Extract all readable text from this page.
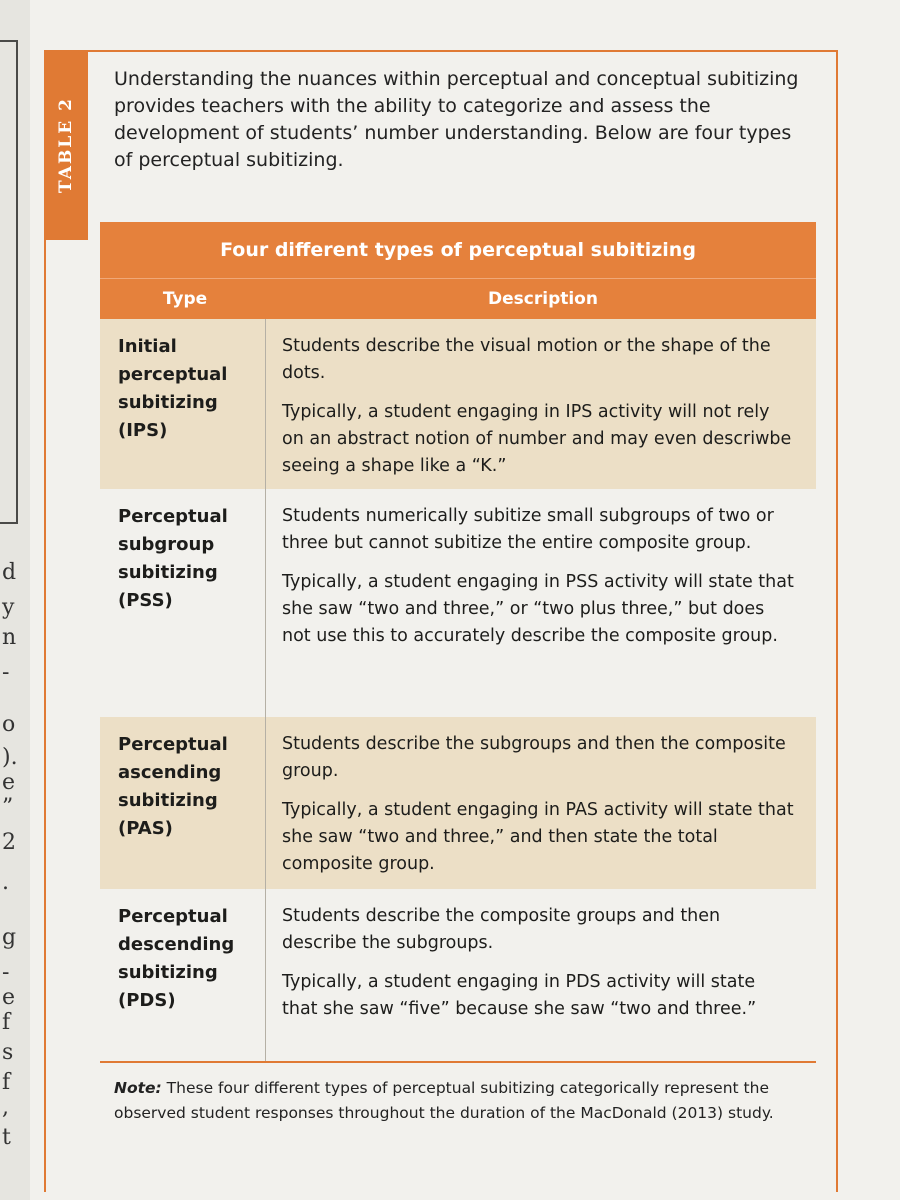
d
y
n
-
o
).
e
”
2
.
g
-
e
f
s
f
,
t
TABLE 2
Understanding the nuances within perceptual and conceptual subitizing provides teachers with the ability to categorize and assess the development of students’ number understanding. Below are four types of perceptual subitizing.
Four different types of perceptual subitizing
Type	Description
Initial perceptual subitizing (IPS)

Students describe the visual motion or the shape of the dots.

Typically, a student engaging in IPS activity will not rely on an abstract notion of number and may even descriwbe seeing a shape like a “K.”

Perceptual subgroup subitizing (PSS)

Students numerically subitize small subgroups of two or three but cannot subitize the entire composite group.

Typically, a student engaging in PSS activity will state that she saw “two and three,” or “two plus three,” but does not use this to accurately describe the composite group.

Perceptual ascending subitizing (PAS)

Students describe the subgroups and then the composite group.

Typically, a student engaging in PAS activity will state that she saw “two and three,” and then state the total composite group.

Perceptual descending subitizing (PDS)

Students describe the composite groups and then describe the subgroups.

Typically, a student engaging in PDS activity will state that she saw “five” because she saw “two and three.”

Note: These four different types of perceptual subitizing categorically represent the observed student responses throughout the duration of the MacDonald (2013) study.
